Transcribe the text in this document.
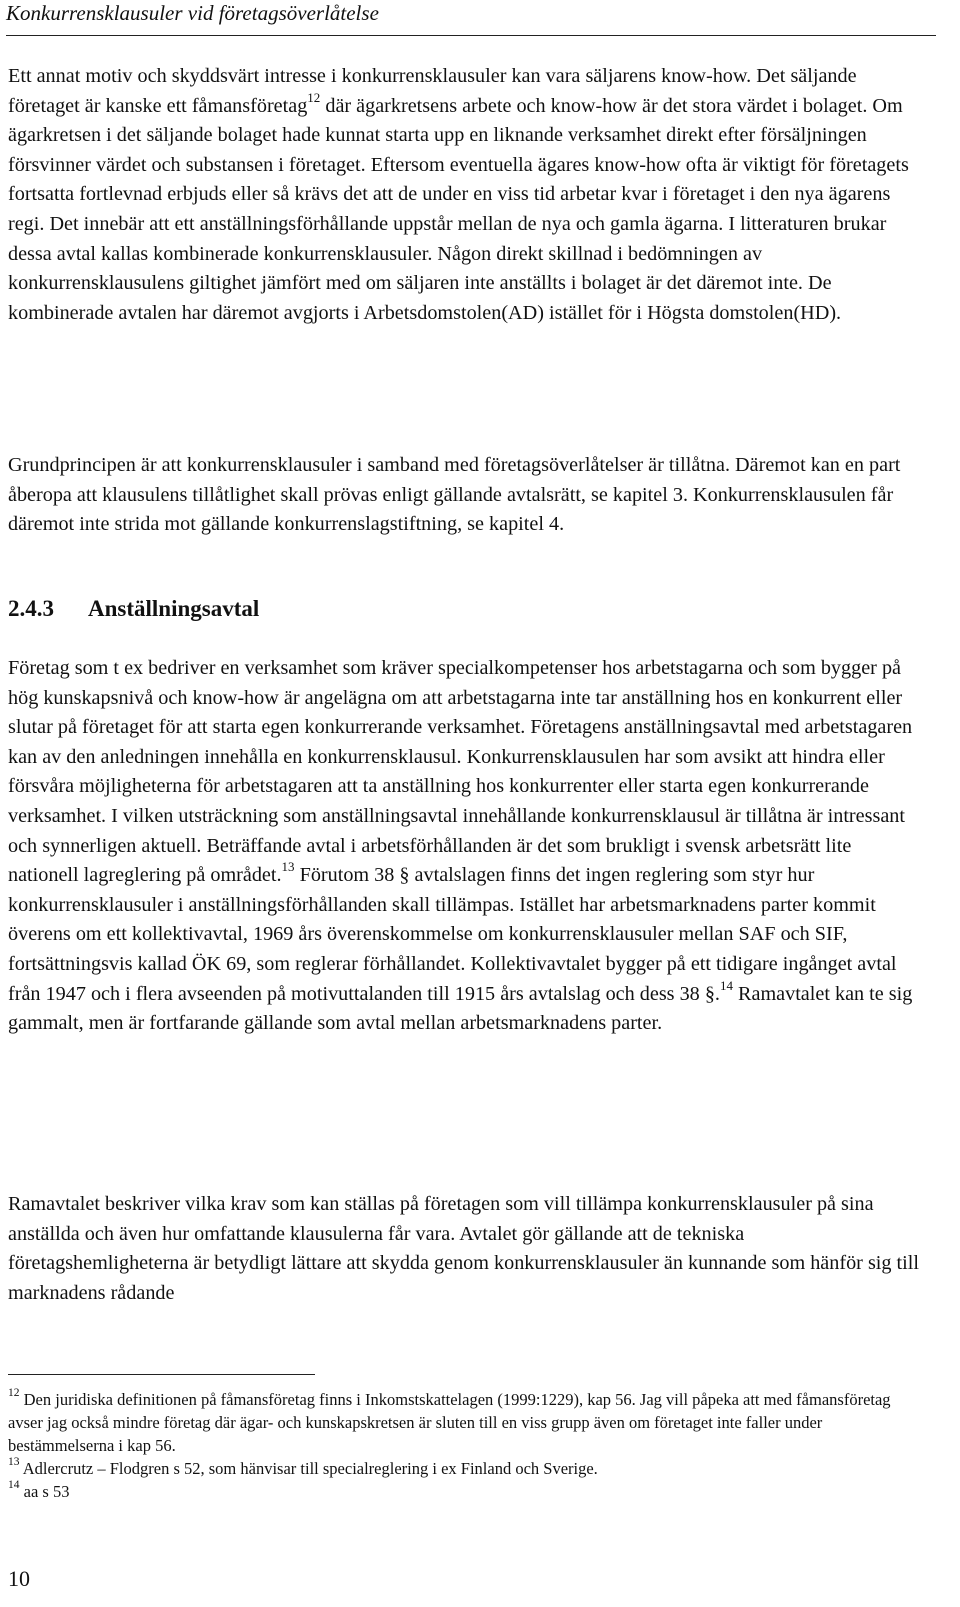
Konkurrensklausuler vid företagsöverlåtelse

Ett annat motiv och skyddsvärt intresse i konkurrensklausuler kan vara säljarens know-how. Det säljande företaget är kanske ett fåmansföretag$^{12}$ där ägarkretsens arbete och know-how är det stora värdet i bolaget. Om ägarkretsen i det säljande bolaget hade kunnat starta upp en liknande verksamhet direkt efter försäljningen försvinner värdet och substansen i företaget. Eftersom eventuella ägares know-how ofta är viktigt för företagets fortsatta fortlevnad erbjuds eller så krävs det att de under en viss tid arbetar kvar i företaget i den nya ägarens regi. Det innebär att ett anställningsförhållande uppstår mellan de nya och gamla ägarna. I litteraturen brukar dessa avtal kallas kombinerade konkurrensklausuler. Någon direkt skillnad i bedömningen av konkurrensklausulens giltighet jämfört med om säljaren inte anställts i bolaget är det däremot inte. De kombinerade avtalen har däremot avgjorts i Arbetsdomstolen(AD) istället för i Högsta domstolen(HD).

Grundprincipen är att konkurrensklausuler i samband med företagsöverlåtelser är tillåtna. Däremot kan en part åberopa att klausulens tillåtlighet skall prövas enligt gällande avtalsrätt, se kapitel 3. Konkurrensklausulen får däremot inte strida mot gällande konkurrenslagstiftning, se kapitel 4.

2.4.3 Anställningsavtal

Företag som t ex bedriver en verksamhet som kräver specialkompetenser hos arbetstagarna och som bygger på hög kunskapsnivå och know-how är angelägna om att arbetstagarna inte tar anställning hos en konkurrent eller slutar på företaget för att starta egen konkurrerande verksamhet. Företagens anställningsavtal med arbetstagaren kan av den anledningen innehålla en konkurrensklausul. Konkurrensklausulen har som avsikt att hindra eller försvåra möjligheterna för arbetstagaren att ta anställning hos konkurrenter eller starta egen konkurrerande verksamhet. I vilken utsträckning som anställningsavtal innehållande konkurrensklausul är tillåtna är intressant och synnerligen aktuell. Beträffande avtal i arbetsförhållanden är det som brukligt i svensk arbetsrätt lite nationell lagreglering på området.$^{13}$ Förutom 38 § avtalslagen finns det ingen reglering som styr hur konkurrensklausuler i anställningsförhållanden skall tillämpas. Istället har arbetsmarknadens parter kommit överens om ett kollektivavtal, 1969 års överenskommelse om konkurrensklausuler mellan SAF och SIF, fortsättningsvis kallad ÖK 69, som reglerar förhållandet. Kollektivavtalet bygger på ett tidigare ingånget avtal från 1947 och i flera avseenden på motivuttalanden till 1915 års avtalslag och dess 38 §.$^{14}$ Ramavtalet kan te sig gammalt, men är fortfarande gällande som avtal mellan arbetsmarknadens parter.

Ramavtalet beskriver vilka krav som kan ställas på företagen som vill tillämpa konkurrensklausuler på sina anställda och även hur omfattande klausulerna får vara. Avtalet gör gällande att de tekniska företagshemligheterna är betydligt lättare att skydda genom konkurrensklausuler än kunnande som hänför sig till marknadens rådande

$^{12}$ Den juridiska definitionen på fåmansföretag finns i Inkomstskattelagen (1999:1229), kap 56. Jag vill påpeka att med fåmansföretag avser jag också mindre företag där ägar- och kunskapskretsen är sluten till en viss grupp även om företaget inte faller under bestämmelserna i kap 56.

$^{13}$ Adlercrutz – Flodgren s 52, som hänvisar till specialreglering i ex Finland och Sverige.

$^{14}$ aa s 53

10
